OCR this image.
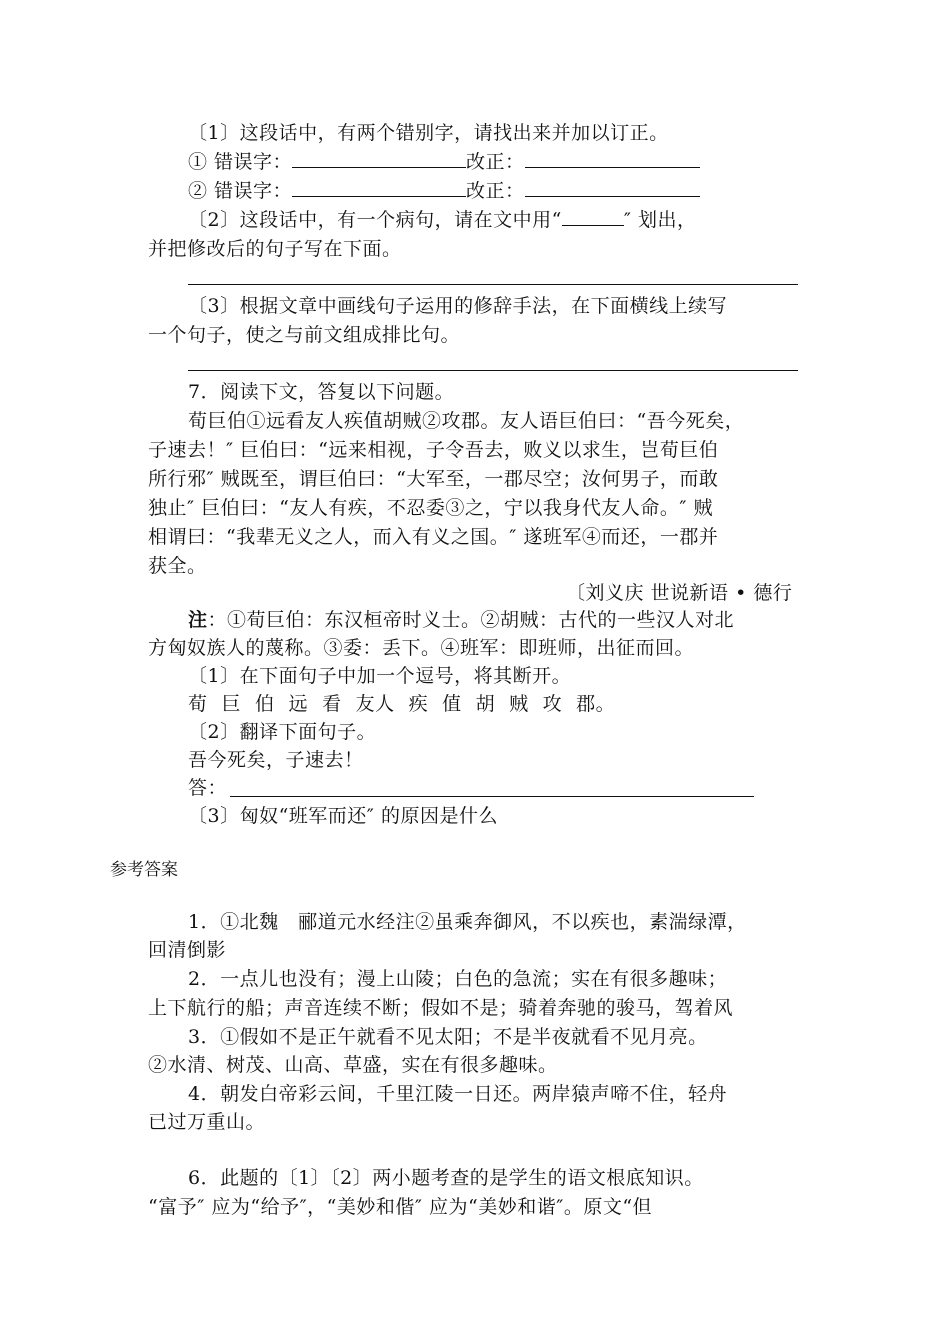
〔1〕这段话中，有两个错别字，请找出来并加以订正。
① 错误字：	改正：
② 错误字：	改正：
〔2〕这段话中，有一个病句，请在文中用“	″ 划出，
并把修改后的句子写在下面。
〔3〕根据文章中画线句子运用的修辞手法，在下面横线上续写
一个句子，使之与前文组成排比句。
7．阅读下文，答复以下问题。
荀巨伯①远看友人疾值胡贼②攻郡。友人语巨伯曰：“吾今死矣，
子速去！″ 巨伯曰：“远来相视，子令吾去，败义以求生，岂荀巨伯
所行邪″ 贼既至，谓巨伯曰：“大军至，一郡尽空；汝何男子，而敢
独止″ 巨伯曰：“友人有疾，不忍委③之，宁以我身代友人命。″ 贼
相谓曰：“我辈无义之人，而入有义之国。″ 遂班军④而还，一郡并
获全。
〔刘义庆 世说新语 • 德行
注：①荀巨伯：东汉桓帝时义士。②胡贼：古代的一些汉人对北
方匈奴族人的蔑称。③委：丢下。④班军：即班师，出征而回。
〔1〕在下面句子中加一个逗号，将其断开。
荀 巨 伯 远 看 友人 疾 值 胡 贼 攻 郡。
〔2〕翻译下面句子。
吾今死矣，子速去！
答：
〔3〕匈奴“班军而还″ 的原因是什么
参考答案
1．①北魏　郦道元水经注②虽乘奔御风，不以疾也，素湍绿潭，
回清倒影
2．一点儿也没有；漫上山陵；白色的急流；实在有很多趣味；
上下航行的船；声音连续不断；假如不是；骑着奔驰的骏马，驾着风
3．①假如不是正午就看不见太阳；不是半夜就看不见月亮。
②水清、树茂、山高、草盛，实在有很多趣味。
4．朝发白帝彩云间，千里江陵一日还。两岸猿声啼不住，轻舟
已过万重山。
6．此题的〔1〕〔2〕两小题考查的是学生的语文根底知识。
“富予″ 应为“给予″，“美妙和偕″ 应为“美妙和谐″。原文“但
